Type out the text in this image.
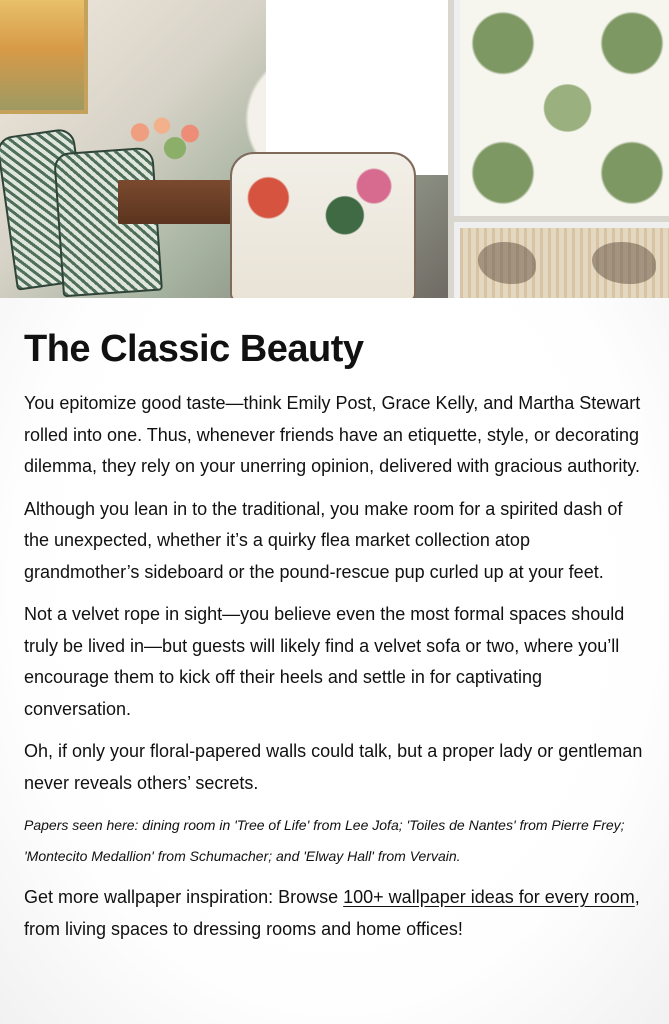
The Classic Beauty

You epitomize good taste—think Emily Post, Grace Kelly, and Martha Stewart rolled into one. Thus, whenever friends have an etiquette, style, or decorating dilemma, they rely on your unerring opinion, delivered with gracious authority.

Although you lean in to the traditional, you make room for a spirited dash of the unexpected, whether it’s a quirky flea market collection atop grandmother’s sideboard or the pound-rescue pup curled up at your feet.

Not a velvet rope in sight—you believe even the most formal spaces should truly be lived in—but guests will likely find a velvet sofa or two, where you’ll encourage them to kick off their heels and settle in for captivating conversation.

Oh, if only your floral-papered walls could talk, but a proper lady or gentleman never reveals others’ secrets.

Papers seen here: dining room in 'Tree of Life' from Lee Jofa; 'Toiles de Nantes' from Pierre Frey; 'Montecito Medallion' from Schumacher; and 'Elway Hall' from Vervain.

Get more wallpaper inspiration: Browse 100+ wallpaper ideas for every room, from living spaces to dressing rooms and home offices!
